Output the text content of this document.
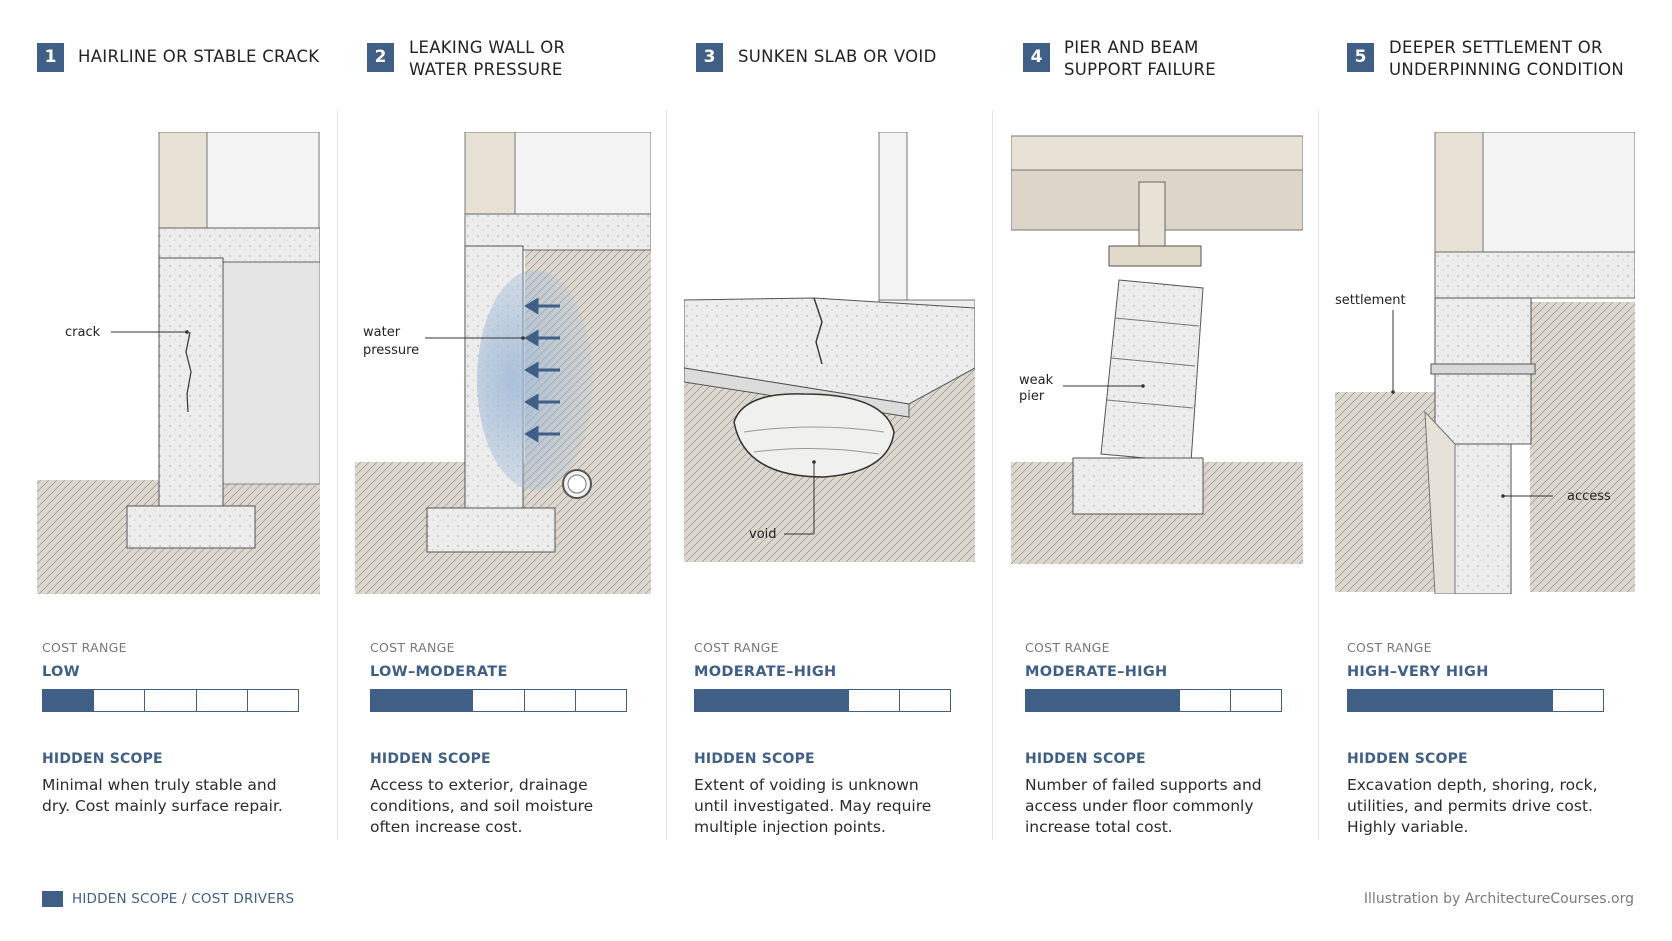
1	HAIRLINE OR STABLE CRACK
crack
COST RANGE
LOW
HIDDEN SCOPE
Minimal when truly stable and dry. Cost mainly surface repair.
2	LEAKING WALL OR
WATER PRESSURE
water
pressure
COST RANGE
LOW–MODERATE
HIDDEN SCOPE
Access to exterior, drainage conditions, and soil moisture often increase cost.
3	SUNKEN SLAB OR VOID
void
COST RANGE
MODERATE–HIGH
HIDDEN SCOPE
Extent of voiding is unknown until investigated. May require multiple injection points.
4	PIER AND BEAM
SUPPORT FAILURE
weak
pier
COST RANGE
MODERATE–HIGH
HIDDEN SCOPE
Number of failed supports and access under floor commonly increase total cost.
5	DEEPER SETTLEMENT OR
UNDERPINNING CONDITION
settlement
access
COST RANGE
HIGH–VERY HIGH
HIDDEN SCOPE
Excavation depth, shoring, rock, utilities, and permits drive cost. Highly variable.
HIDDEN SCOPE / COST DRIVERS	Illustration by ArchitectureCourses.org
